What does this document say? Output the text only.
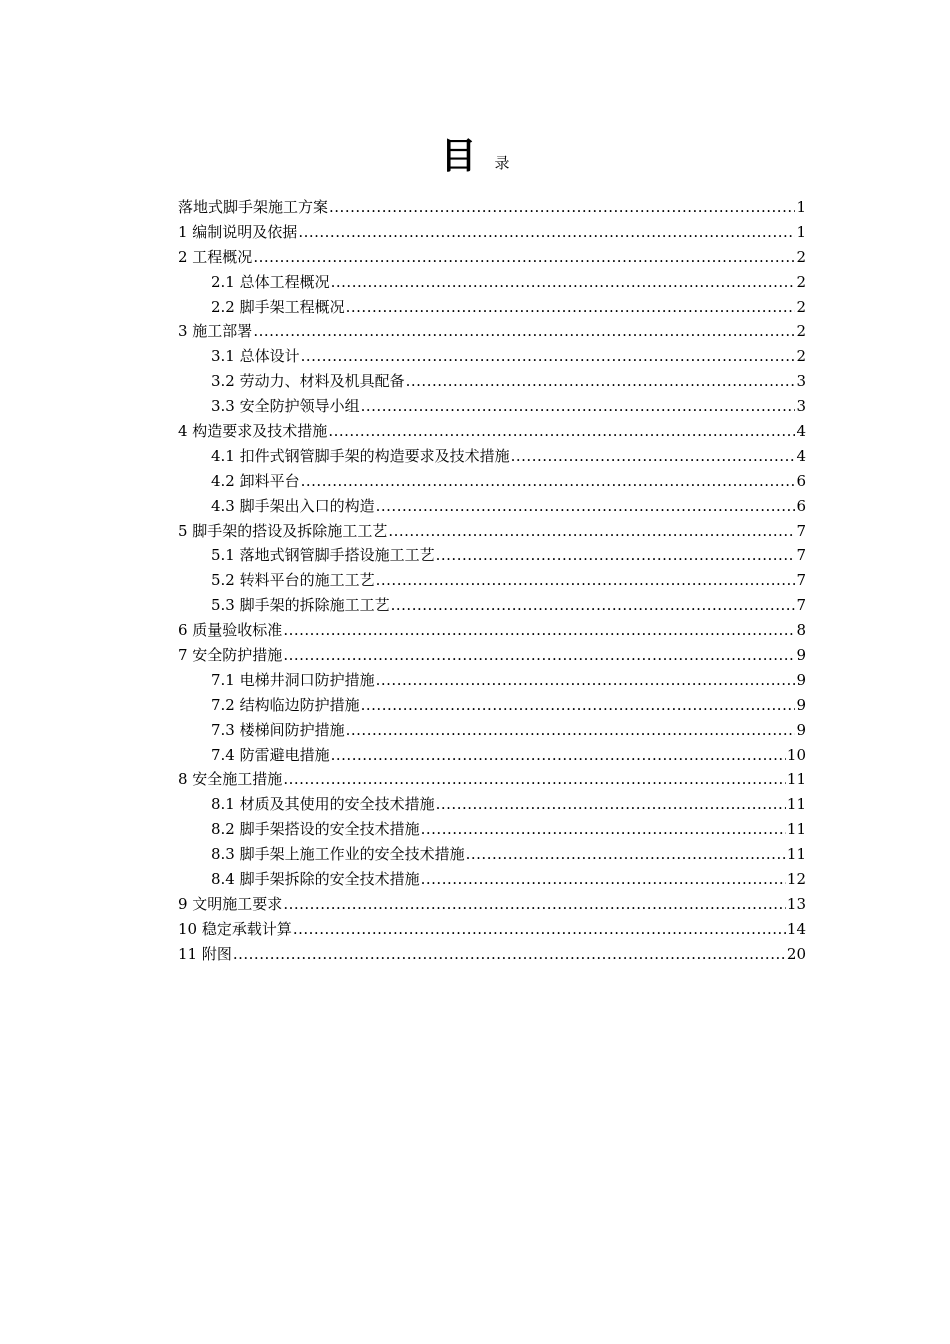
目 录
落地式脚手架施工方案 .....	1
1 编制说明及依据 .....	1
2 工程概况 .....	2
2.1 总体工程概况 .....	2
2.2 脚手架工程概况 .....	2
3 施工部署 .....	2
3.1 总体设计 .....	2
3.2 劳动力、材料及机具配备 .....	3
3.3 安全防护领导小组 .....	3
4 构造要求及技术措施 .....	4
4.1 扣件式钢管脚手架的构造要求及技术措施 .....	4
4.2 卸料平台 .....	6
4.3 脚手架出入口的构造 .....	6
5 脚手架的搭设及拆除施工工艺 .....	7
5.1 落地式钢管脚手搭设施工工艺 .....	7
5.2 转料平台的施工工艺 .....	7
5.3 脚手架的拆除施工工艺 .....	7
6 质量验收标准 .....	8
7 安全防护措施 .....	9
7.1 电梯井洞口防护措施 .....	9
7.2 结构临边防护措施 .....	9
7.3 楼梯间防护措施 .....	9
7.4 防雷避电措施 .....	10
8 安全施工措施 .....	11
8.1 材质及其使用的安全技术措施 .....	11
8.2 脚手架搭设的安全技术措施 .....	11
8.3 脚手架上施工作业的安全技术措施 .....	11
8.4 脚手架拆除的安全技术措施 .....	12
9 文明施工要求 .....	13
10 稳定承载计算 .....	14
11 附图 .....	20
